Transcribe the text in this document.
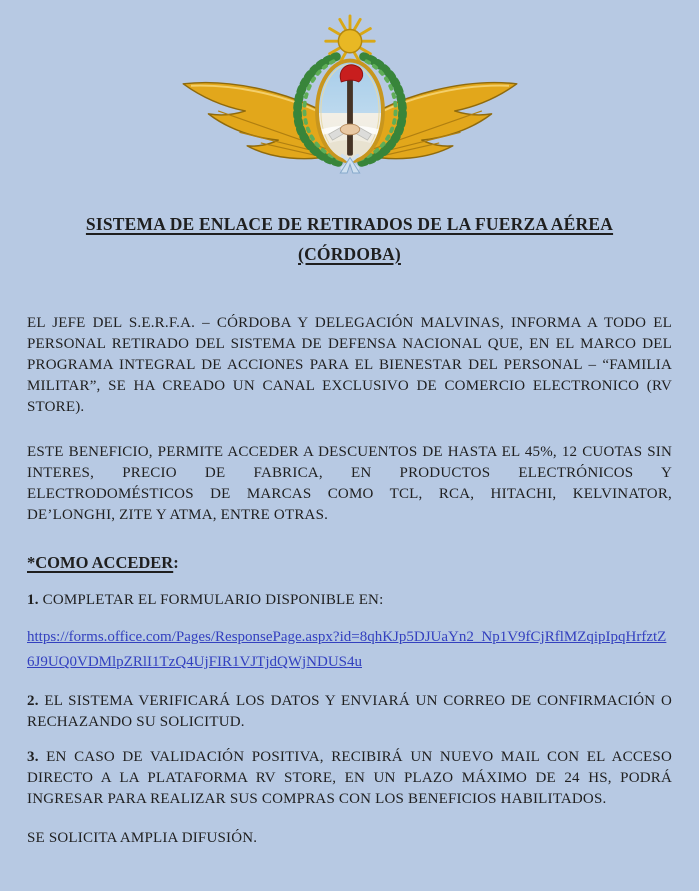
SISTEMA DE ENLACE DE RETIRADOS DE LA FUERZA AÉREA
(CÓRDOBA)

EL JEFE DEL S.E.R.F.A. – CÓRDOBA Y DELEGACIÓN MALVINAS, INFORMA A TODO EL PERSONAL RETIRADO DEL SISTEMA DE DEFENSA NACIONAL QUE, EN EL MARCO DEL PROGRAMA INTEGRAL DE ACCIONES PARA EL BIENESTAR DEL PERSONAL – “FAMILIA MILITAR”, SE HA CREADO UN CANAL EXCLUSIVO DE COMERCIO ELECTRONICO (RV STORE).

ESTE BENEFICIO, PERMITE ACCEDER A DESCUENTOS DE HASTA EL 45%, 12 CUOTAS SIN INTERES, PRECIO DE FABRICA, EN PRODUCTOS ELECTRÓNICOS Y ELECTRODOMÉSTICOS DE MARCAS COMO TCL, RCA, HITACHI, KELVINATOR, DE’LONGHI, ZITE Y ATMA, ENTRE OTRAS.

*COMO ACCEDER:

1. COMPLETAR EL FORMULARIO DISPONIBLE EN:

https://forms.office.com/Pages/ResponsePage.aspx?id=8qhKJp5DJUaYn2_Np1V9fCjRflMZqipIpqHrfztZ6J9UQ0VDMlpZRlI1TzQ4UjFIR1VJTjdQWjNDUS4u

2. EL SISTEMA VERIFICARÁ LOS DATOS Y ENVIARÁ UN CORREO DE CONFIRMACIÓN O RECHAZANDO SU SOLICITUD.

3. EN CASO DE VALIDACIÓN POSITIVA, RECIBIRÁ UN NUEVO MAIL CON EL ACCESO DIRECTO A LA PLATAFORMA RV STORE, EN UN PLAZO MÁXIMO DE 24 HS, PODRÁ INGRESAR PARA REALIZAR SUS COMPRAS CON LOS BENEFICIOS HABILITADOS.

SE SOLICITA AMPLIA DIFUSIÓN.
